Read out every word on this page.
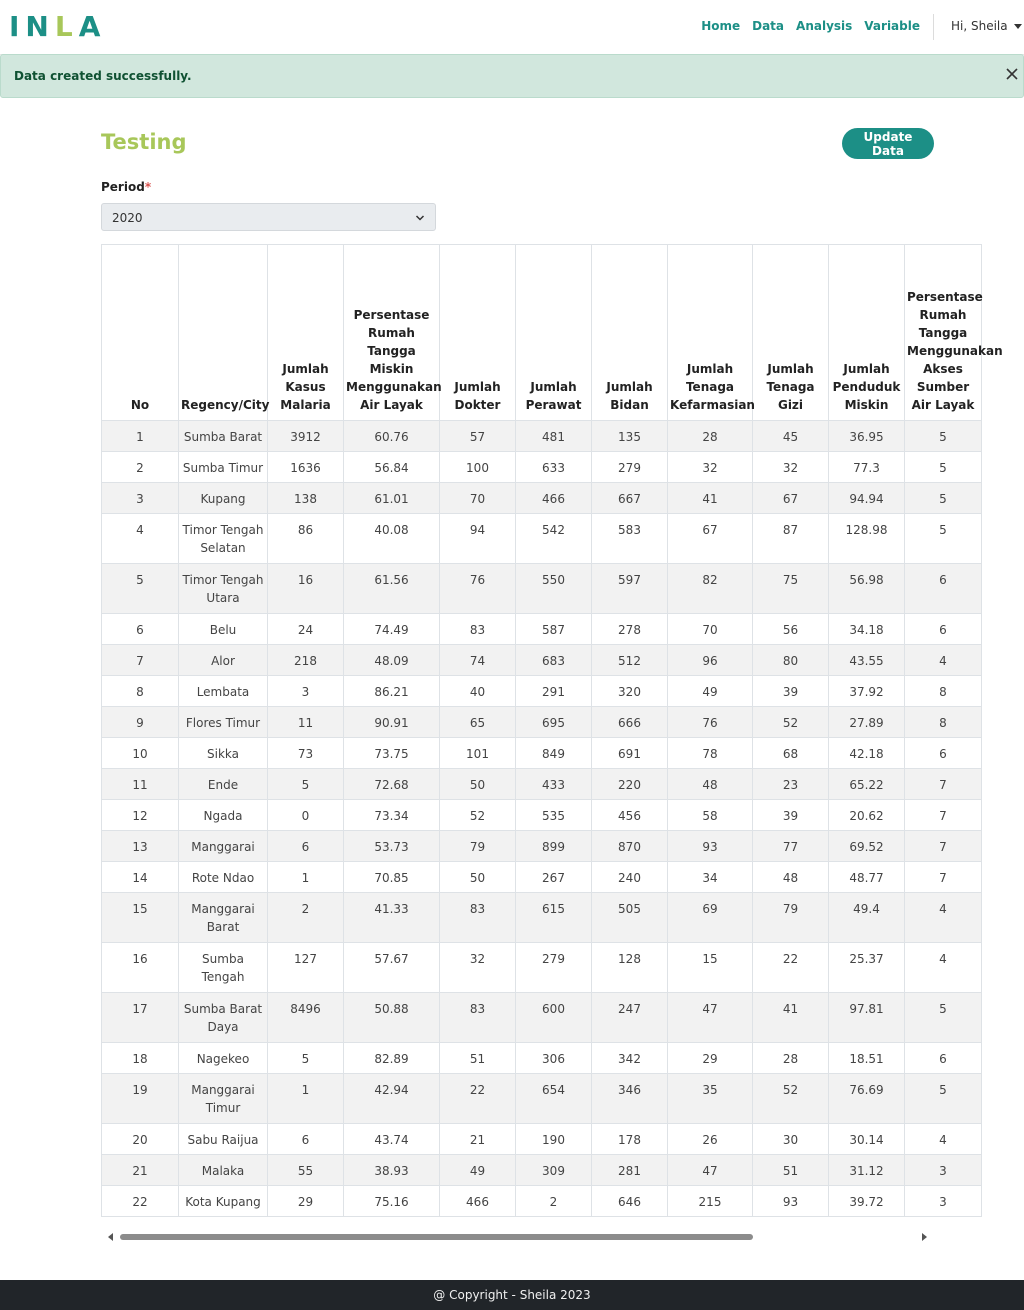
I N L A	Home Data Analysis Variable	Hi, Sheila
Data created successfully.
Testing	Update Data
Period*
2020
No	Regency/City	Jumlah Kasus Malaria	Persentase Rumah Tangga Miskin Menggunakan Air Layak	Jumlah Dokter	Jumlah Perawat	Jumlah Bidan	Jumlah Tenaga Kefarmasian	Jumlah Tenaga Gizi	Jumlah Penduduk Miskin	Persentase Rumah Tangga Menggunakan Akses Sumber Air Layak
1	Sumba Barat	3912	60.76	57	481	135	28	45	36.95	5
2	Sumba Timur	1636	56.84	100	633	279	32	32	77.3	5
3	Kupang	138	61.01	70	466	667	41	67	94.94	5
4	Timor Tengah Selatan	86	40.08	94	542	583	67	87	128.98	5
5	Timor Tengah Utara	16	61.56	76	550	597	82	75	56.98	6
6	Belu	24	74.49	83	587	278	70	56	34.18	6
7	Alor	218	48.09	74	683	512	96	80	43.55	4
8	Lembata	3	86.21	40	291	320	49	39	37.92	8
9	Flores Timur	11	90.91	65	695	666	76	52	27.89	8
10	Sikka	73	73.75	101	849	691	78	68	42.18	6
11	Ende	5	72.68	50	433	220	48	23	65.22	7
12	Ngada	0	73.34	52	535	456	58	39	20.62	7
13	Manggarai	6	53.73	79	899	870	93	77	69.52	7
14	Rote Ndao	1	70.85	50	267	240	34	48	48.77	7
15	Manggarai Barat	2	41.33	83	615	505	69	79	49.4	4
16	Sumba Tengah	127	57.67	32	279	128	15	22	25.37	4
17	Sumba Barat Daya	8496	50.88	83	600	247	47	41	97.81	5
18	Nagekeo	5	82.89	51	306	342	29	28	18.51	6
19	Manggarai Timur	1	42.94	22	654	346	35	52	76.69	5
20	Sabu Raijua	6	43.74	21	190	178	26	30	30.14	4
21	Malaka	55	38.93	49	309	281	47	51	31.12	3
22	Kota Kupang	29	75.16	466	2	646	215	93	39.72	3
@ Copyright - Sheila 2023
